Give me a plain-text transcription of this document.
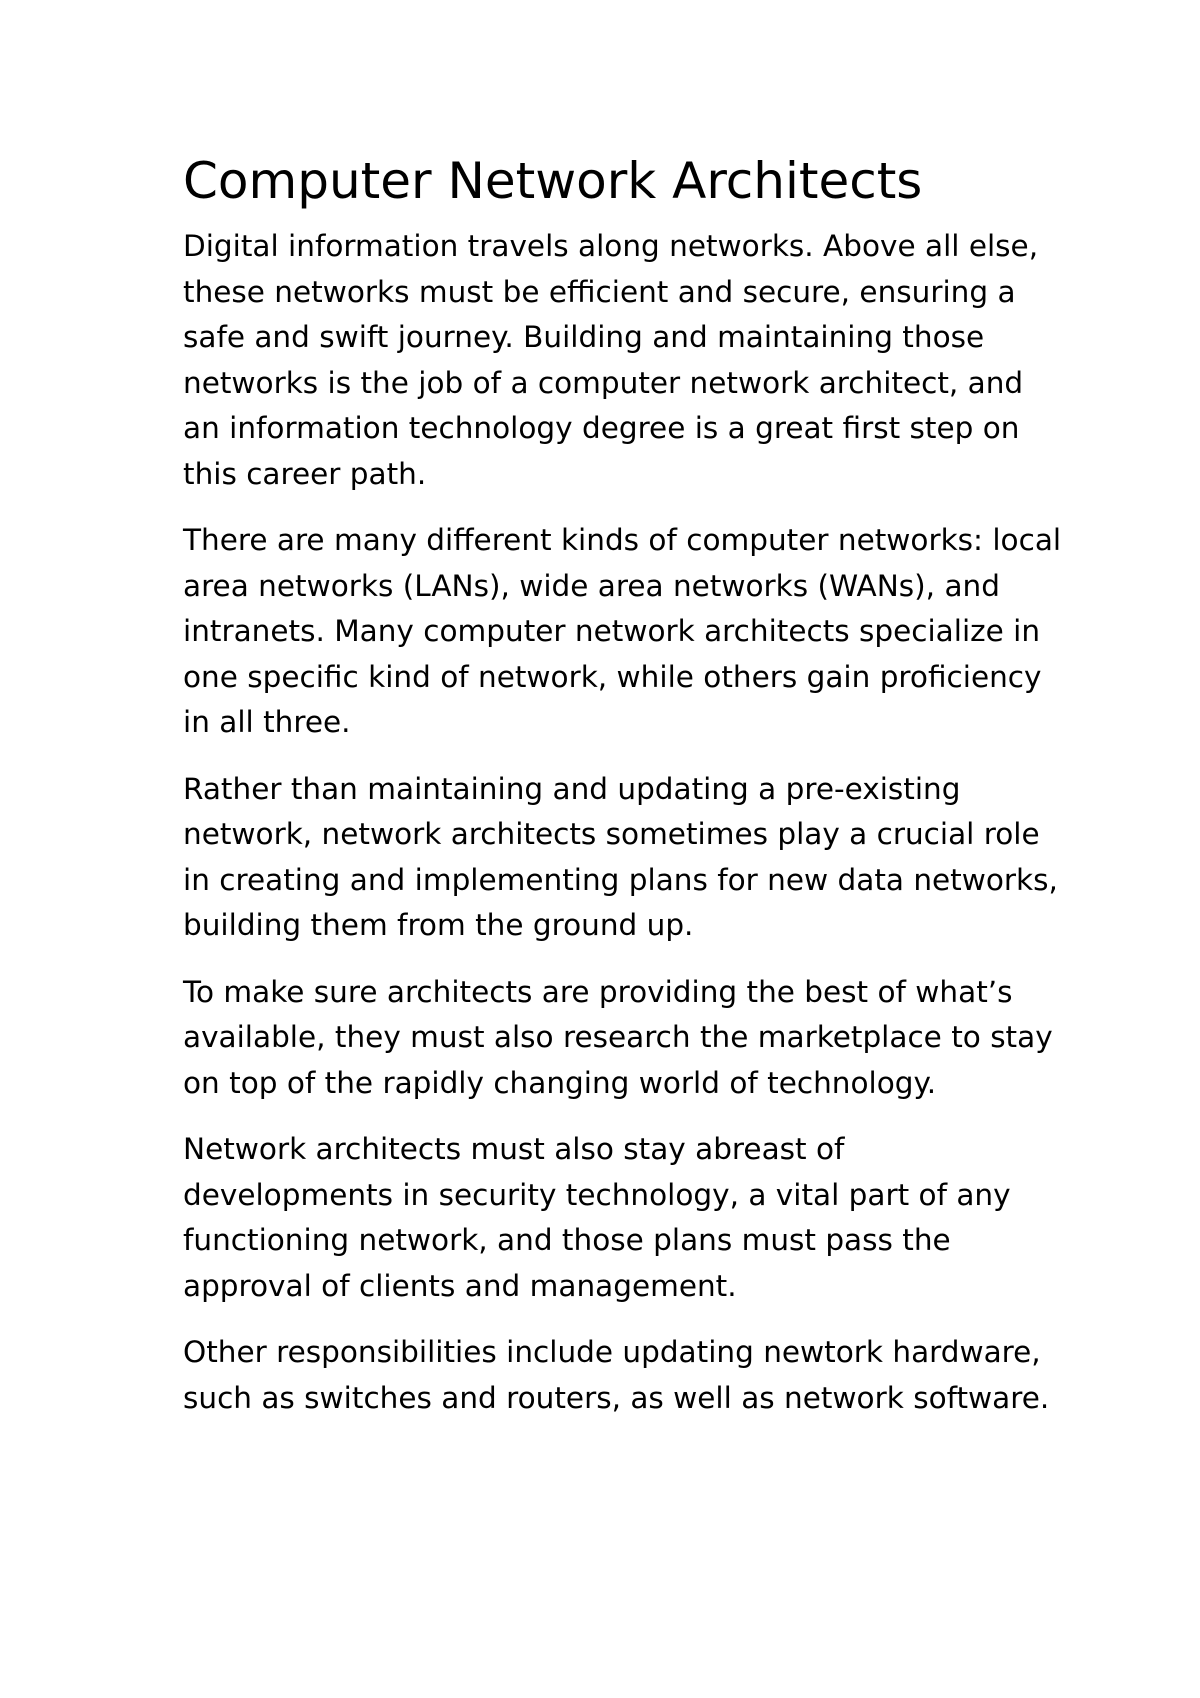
Computer Network Architects

Digital information travels along networks. Above all else, these networks must be efficient and secure, ensuring a safe and swift journey. Building and maintaining those networks is the job of a computer network architect, and an information technology degree is a great first step on this career path.

There are many different kinds of computer networks: local area networks (LANs), wide area networks (WANs), and intranets. Many computer network architects specialize in one specific kind of network, while others gain proficiency in all three.

Rather than maintaining and updating a pre-existing network, network architects sometimes play a crucial role in creating and implementing plans for new data networks, building them from the ground up.

To make sure architects are providing the best of what’s available, they must also research the marketplace to stay on top of the rapidly changing world of technology.

Network architects must also stay abreast of developments in security technology, a vital part of any functioning network, and those plans must pass the approval of clients and management.

Other responsibilities include updating newtork hardware, such as switches and routers, as well as network software.
